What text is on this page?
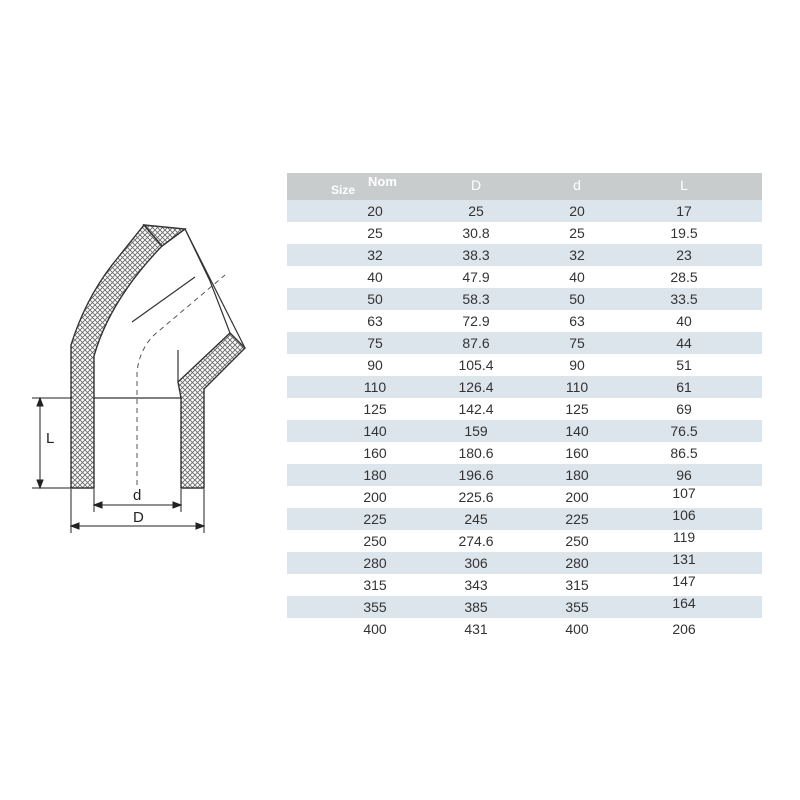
L
d
D
Size
Nom	D	d	L
20	25	20	17
25	30.8	25	19.5
32	38.3	32	23
40	47.9	40	28.5
50	58.3	50	33.5
63	72.9	63	40
75	87.6	75	44
90	105.4	90	51
110	126.4	110	61
125	142.4	125	69
140	159	140	76.5
160	180.6	160	86.5
180	196.6	180	96
200	225.6	200	107
225	245	225	106
250	274.6	250	119
280	306	280	131
315	343	315	147
355	385	355	164
400	431	400	206
